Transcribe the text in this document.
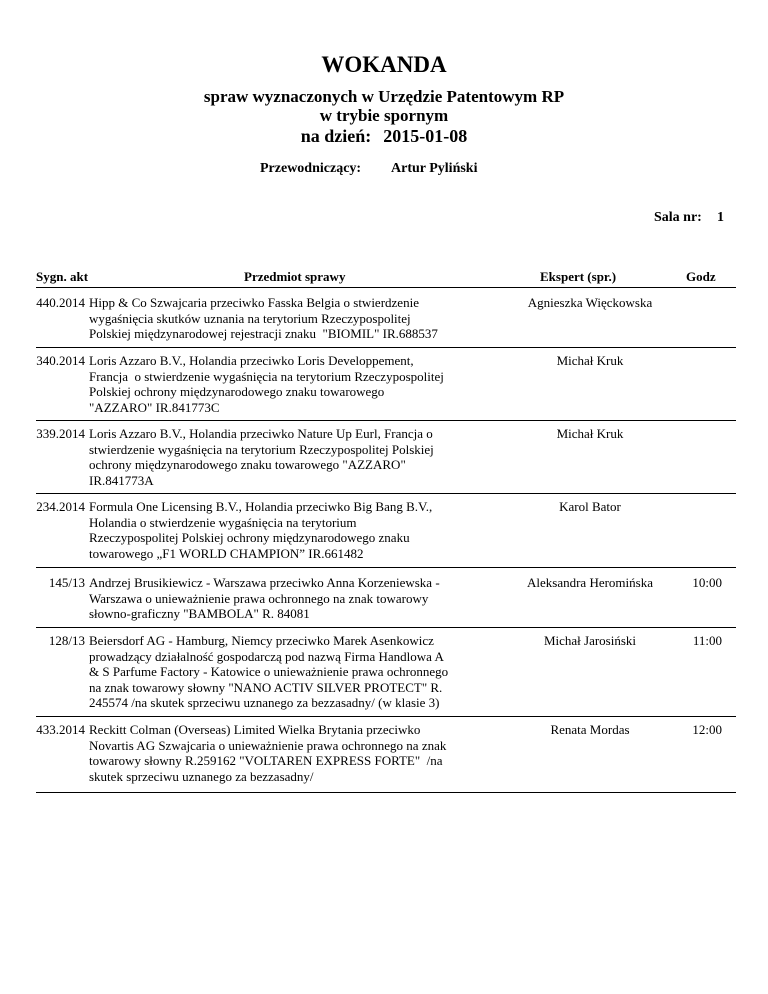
WOKANDA
spraw wyznaczonych w Urzędzie Patentowym RP
w trybie spornym
na dzień: 2015-01-08
Przewodniczący: Artur Pyliński
Sala nr: 1
Sygn. akt	Przedmiot sprawy	Ekspert (spr.)	Godz
440.2014 Hipp & Co Szwajcaria przeciwko Fasska Belgia o stwierdzenie
wygaśnięcia skutków uznania na terytorium Rzeczypospolitej
Polskiej międzynarodowej rejestracji znaku  "BIOMIL" IR.688537
Agnieszka Więckowska
340.2014 Loris Azzaro B.V., Holandia przeciwko Loris Developpement,
Francja  o stwierdzenie wygaśnięcia na terytorium Rzeczypospolitej
Polskiej ochrony międzynarodowego znaku towarowego
"AZZARO" IR.841773C
Michał Kruk
339.2014 Loris Azzaro B.V., Holandia przeciwko Nature Up Eurl, Francja o
stwierdzenie wygaśnięcia na terytorium Rzeczypospolitej Polskiej
ochrony międzynarodowego znaku towarowego "AZZARO"
IR.841773A
Michał Kruk
234.2014 Formula One Licensing B.V., Holandia przeciwko Big Bang B.V.,
Holandia o stwierdzenie wygaśnięcia na terytorium
Rzeczypospolitej Polskiej ochrony międzynarodowego znaku
towarowego „F1 WORLD CHAMPION” IR.661482
Karol Bator
145/13 Andrzej Brusikiewicz - Warszawa przeciwko Anna Korzeniewska -
Warszawa o unieważnienie prawa ochronnego na znak towarowy
słowno-graficzny "BAMBOLA" R. 84081
Aleksandra Heromińska	10:00
128/13 Beiersdorf AG - Hamburg, Niemcy przeciwko Marek Asenkowicz
prowadzący działalność gospodarczą pod nazwą Firma Handlowa A
& S Parfume Factory - Katowice o unieważnienie prawa ochronnego
na znak towarowy słowny "NANO ACTIV SILVER PROTECT" R.
245574 /na skutek sprzeciwu uznanego za bezzasadny/ (w klasie 3)
Michał Jarosiński	11:00
433.2014 Reckitt Colman (Overseas) Limited Wielka Brytania przeciwko
Novartis AG Szwajcaria o unieważnienie prawa ochronnego na znak
towarowy słowny R.259162 "VOLTAREN EXPRESS FORTE"  /na
skutek sprzeciwu uznanego za bezzasadny/
Renata Mordas	12:00
